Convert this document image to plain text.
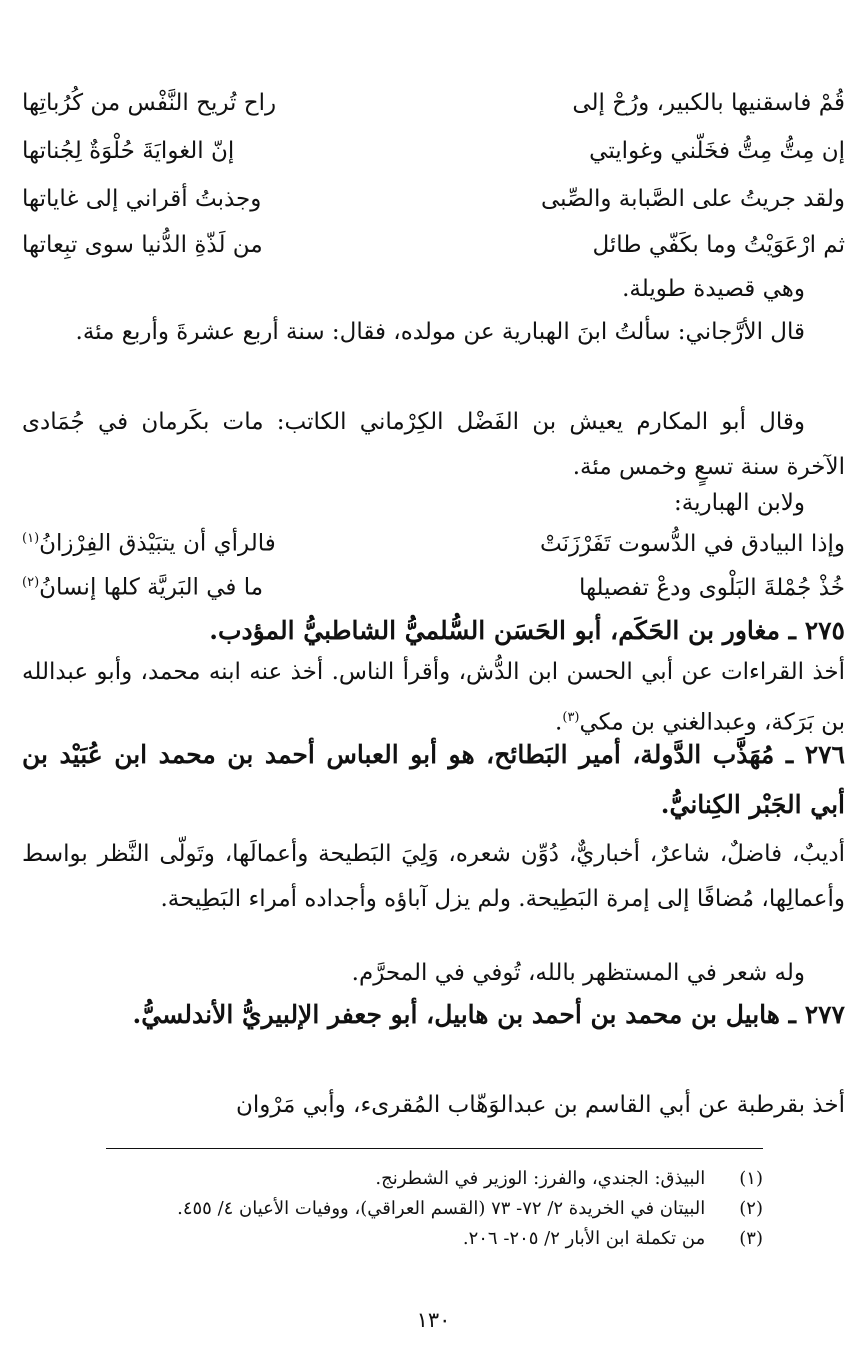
قُمْ فاسقنيها بالكبير، ورُحْ إلى
راح تُريح النَّفْس من كُرُباتِها
إن مِتُّ مِتُّ فخَلّني وغوايتي
إنّ الغوايَةَ حُلْوَةٌ لِجُناتها
ولقد جريتُ على الصَّبابة والصِّبى
وجذبتُ أقراني إلى غاياتها
ثم ارْعَوَيْتُ وما بكَفّي طائل
من لَذّةِ الدُّنيا سوى تبِعاتها
وهي قصيدة طويلة.
قال الأرَّجاني: سألتُ ابنَ الهبارية عن مولده، فقال: سنة أربع عشرةَ وأربع مئة.
وقال أبو المكارم يعيش بن الفَضْل الكِرْماني الكاتب: مات بكَرمان في جُمَادى الآخرة سنة تسعٍ وخمس مئة.
ولابن الهبارية:
وإذا البيادق في الدُّسوت تَفَرْزَنَتْ
فالرأي أن يتبَيْذق الفِرْزانُ$^{(١)}$
خُذْ جُمْلةَ البَلْوى ودعْ تفصيلها
ما في البَريَّة كلها إنسانُ$^{(٢)}$
٢٧٥ ـ مغاور بن الحَكَم، أبو الحَسَن السُّلميُّ الشاطبيُّ المؤدب.
أخذ القراءات عن أبي الحسن ابن الدُّش، وأقرأ الناس. أخذ عنه ابنه محمد، وأبو عبدالله بن بَرَكة، وعبدالغني بن مكي$^{(٣)}$.
٢٧٦ ـ مُهَذَّب الدَّولة، أمير البَطائح، هو أبو العباس أحمد بن محمد ابن عُبَيْد بن أبي الجَبْر الكِنانيُّ.
أديبٌ، فاضلٌ، شاعرٌ، أخباريٌّ، دُوِّن شعره، وَلِيَ البَطيحة وأعمالَها، وتَولّى النَّظر بواسط وأعمالِها، مُضافًا إلى إمرة البَطِيحة. ولم يزل آباؤه وأجداده أمراء البَطِيحة.
وله شعر في المستظهر بالله، تُوفي في المحرَّم.
٢٧٧ ـ هابيل بن محمد بن أحمد بن هابيل، أبو جعفر الإلبيريُّ الأندلسيُّ.
أخذ بقرطبة عن أبي القاسم بن عبدالوَهّاب المُقرىء، وأبي مَرْوان
(١) البيذق: الجندي، والفرز: الوزير في الشطرنج.
(٢) البيتان في الخريدة ٢/ ٧٢- ٧٣ (القسم العراقي)، ووفيات الأعيان ٤/ ٤٥٥.
(٣) من تكملة ابن الأبار ٢/ ٢٠٥- ٢٠٦.
١٣٠
